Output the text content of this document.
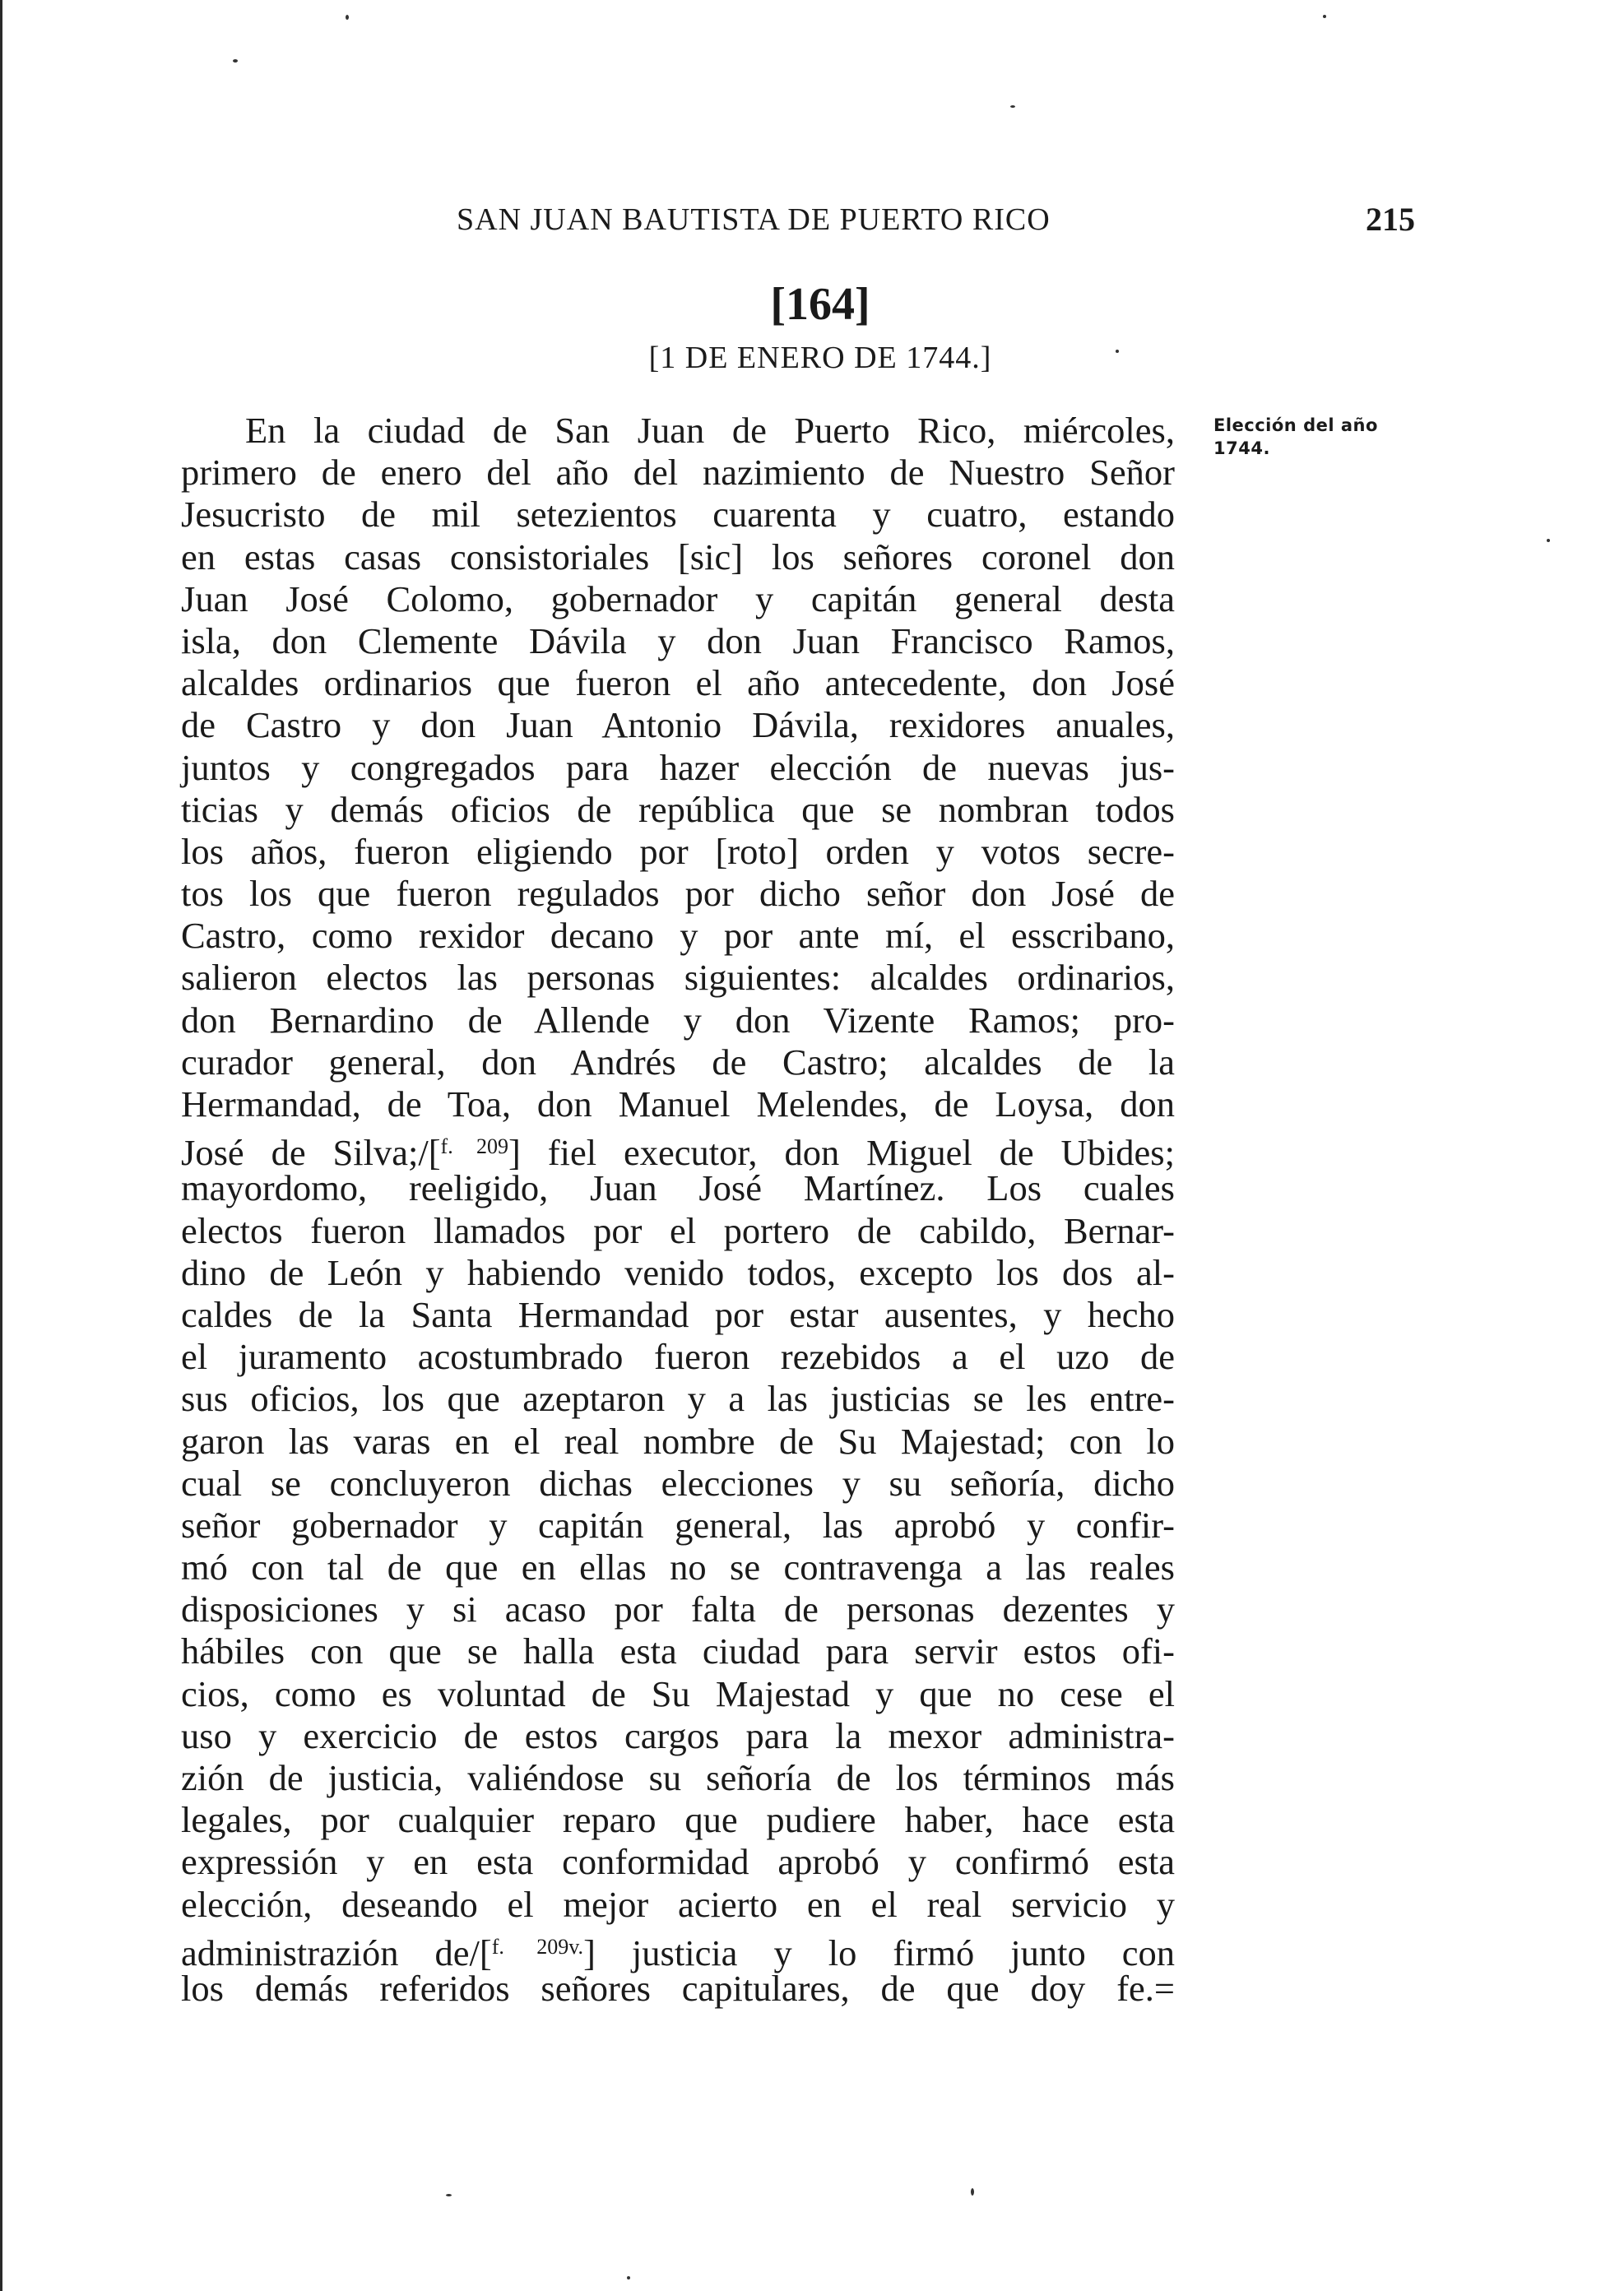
SAN JUAN BAUTISTA DE PUERTO RICO	215
[164]
[1 DE ENERO DE 1744.]
Elección del año 1744.
En la ciudad de San Juan de Puerto Rico, miércoles,
primero de enero del año del nazimiento de Nuestro Señor
Jesucristo de mil setezientos cuarenta y cuatro, estando
en estas casas consistoriales [sic] los señores coronel don
Juan José Colomo, gobernador y capitán general desta
isla, don Clemente Dávila y don Juan Francisco Ramos,
alcaldes ordinarios que fueron el año antecedente, don José
de Castro y don Juan Antonio Dávila, rexidores anuales,
juntos y congregados para hazer elección de nuevas jus-
ticias y demás oficios de república que se nombran todos
los años, fueron eligiendo por [roto] orden y votos secre-
tos los que fueron regulados por dicho señor don José de
Castro, como rexidor decano y por ante mí, el esscribano,
salieron electos las personas siguientes: alcaldes ordinarios,
don Bernardino de Allende y don Vizente Ramos; pro-
curador general, don Andrés de Castro; alcaldes de la
Hermandad, de Toa, don Manuel Melendes, de Loysa, don
José de Silva;/[$^{f. 209}$] fiel executor, don Miguel de Ubides;
mayordomo, reeligido, Juan José Martínez. Los cuales
electos fueron llamados por el portero de cabildo, Bernar-
dino de León y habiendo venido todos, excepto los dos al-
caldes de la Santa Hermandad por estar ausentes, y hecho
el juramento acostumbrado fueron rezebidos a el uzo de
sus oficios, los que azeptaron y a las justicias se les entre-
garon las varas en el real nombre de Su Majestad; con lo
cual se concluyeron dichas elecciones y su señoría, dicho
señor gobernador y capitán general, las aprobó y confir-
mó con tal de que en ellas no se contravenga a las reales
disposiciones y si acaso por falta de personas dezentes y
hábiles con que se halla esta ciudad para servir estos ofi-
cios, como es voluntad de Su Majestad y que no cese el
uso y exercicio de estos cargos para la mexor administra-
zión de justicia, valiéndose su señoría de los términos más
legales, por cualquier reparo que pudiere haber, hace esta
expressión y en esta conformidad aprobó y confirmó esta
elección, deseando el mejor acierto en el real servicio y
administrazión de/[$^{f. 209v.}$] justicia y lo firmó junto con
los demás referidos señores capitulares, de que doy fe.=
